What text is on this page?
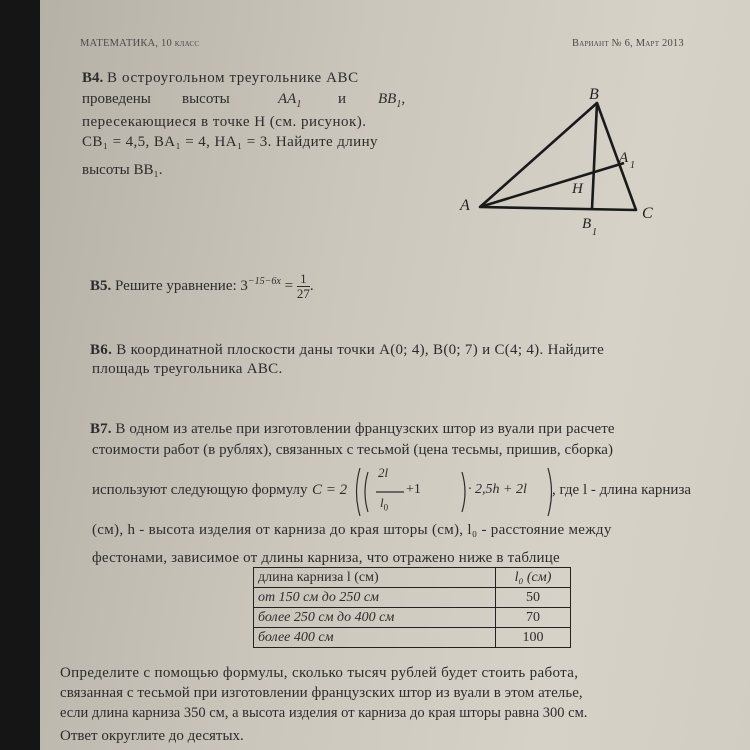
МАТЕМАТИКА, 10 класс	Вариант № 6, Март 2013
B4. В остроугольном треугольнике ABC
проведены высоты	$AA_1$ и $BB_1$,
пересекающиеся в точке H (см. рисунок).
CB₁ = 4,5, BA₁ = 4, HA₁ = 3. Найдите длину
высоты BB₁.
B
A	C
H
A 1
B
1
B5. Решите уравнение: $3^{-15-6x} = \frac{1}{27}$ .
B6. В координатной плоскости даны точки A(0; 4), B(0; 7) и C(4; 4). Найдите
площадь треугольника ABC.
B7. В одном из ателье при изготовлении французских штор из вуали при расчете
стоимости работ (в рублях), связанных с тесьмой (цена тесьмы, пришив, сборка)
используют следующую формулу C = 2
2l
$l_0$
+1	· 2,5h + 2l , где l - длина карниза
(см), h - высота изделия от карниза до края шторы (см), l₀ - расстояние между
фестонами, зависимое от длины карниза, что отражено ниже в таблице
длина карниза l (см)	l₀ (см)
от 150 см до 250 см	50
более 250 см до 400 см	70
более 400 см	100
Определите с помощью формулы, сколько тысяч рублей будет стоить работа,
связанная с тесьмой при изготовлении французских штор из вуали в этом ателье,
если длина карниза 350 см, а высота изделия от карниза до края шторы равна 300 см.
Ответ округлите до десятых.
